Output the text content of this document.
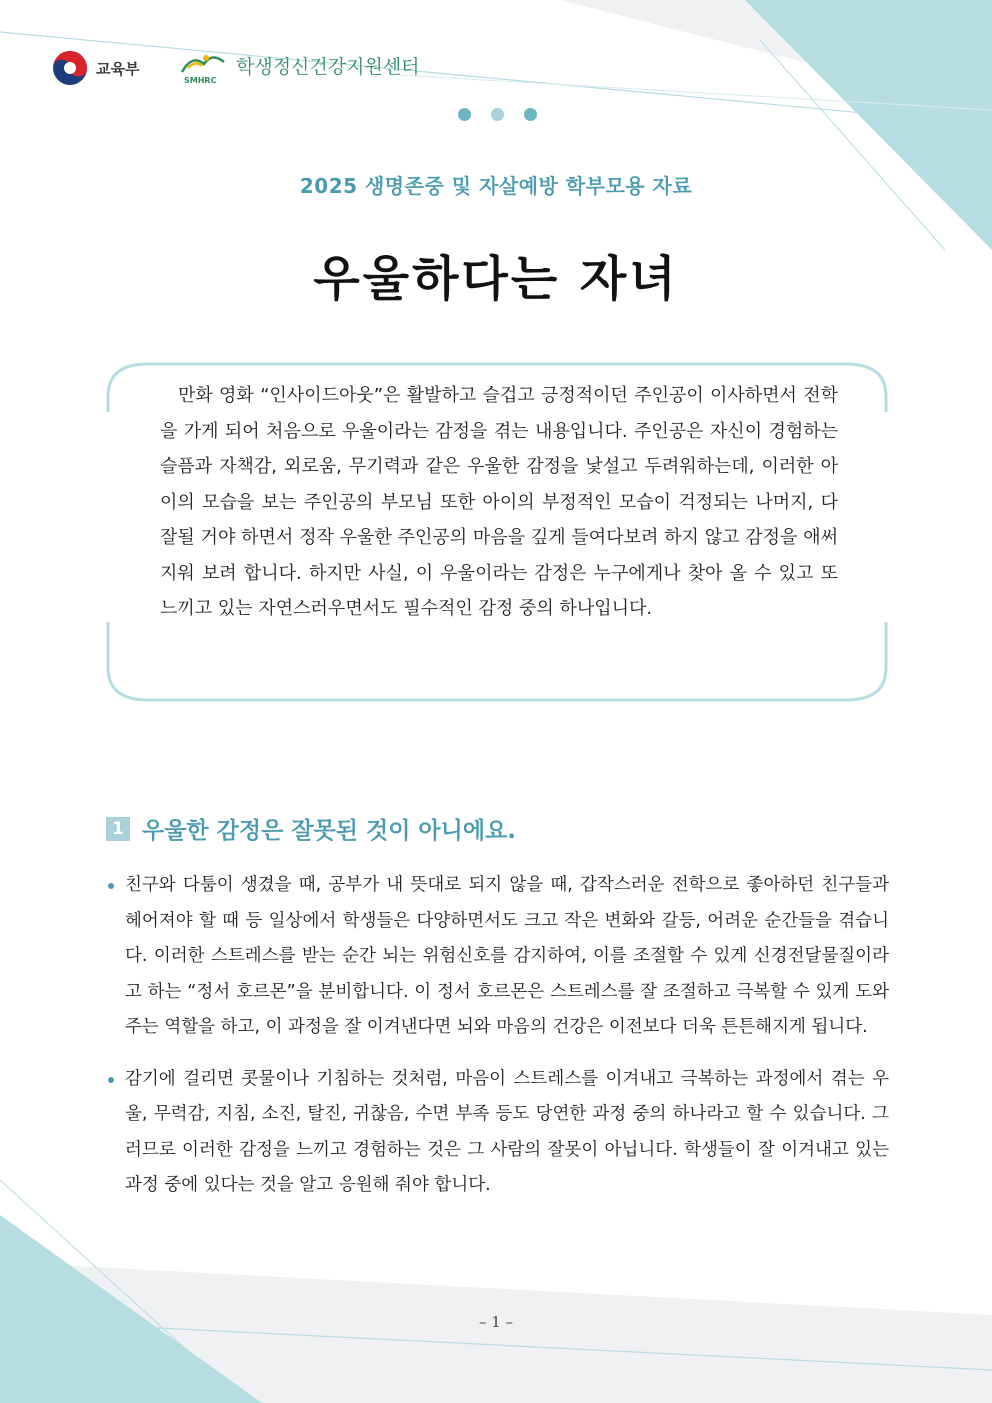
교육부
SMHRC
학생정신건강지원센터
2025 생명존중 및 자살예방 학부모용 자료
우울하다는 자녀

만화 영화 “인사이드아웃”은 활발하고 슬겁고 긍정적이던 주인공이 이사하면서 전학을 가게 되어 처음으로 우울이라는 감정을 겪는 내용입니다. 주인공은 자신이 경험하는 슬픔과 자책감, 외로움, 무기력과 같은 우울한 감정을 낯설고 두려워하는데, 이러한 아이의 모습을 보는 주인공의 부모님 또한 아이의 부정적인 모습이 걱정되는 나머지, 다 잘될 거야 하면서 정작 우울한 주인공의 마음을 깊게 들여다보려 하지 않고 감정을 애써 지워 보려 합니다. 하지만 사실, 이 우울이라는 감정은 누구에게나 찾아 올 수 있고 또 느끼고 있는 자연스러우면서도 필수적인 감정 중의 하나입니다.

1 우울한 감정은 잘못된 것이 아니에요.
친구와 다툼이 생겼을 때, 공부가 내 뜻대로 되지 않을 때, 갑작스러운 전학으로 좋아하던 친구들과 헤어져야 할 때 등 일상에서 학생들은 다양하면서도 크고 작은 변화와 갈등, 어려운 순간들을 겪습니다. 이러한 스트레스를 받는 순간 뇌는 위험신호를 감지하여, 이를 조절할 수 있게 신경전달물질이라고 하는 “정서 호르몬”을 분비합니다. 이 정서 호르몬은 스트레스를 잘 조절하고 극복할 수 있게 도와주는 역할을 하고, 이 과정을 잘 이겨낸다면 뇌와 마음의 건강은 이전보다 더욱 튼튼해지게 됩니다.
감기에 걸리면 콧물이나 기침하는 것처럼, 마음이 스트레스를 이겨내고 극복하는 과정에서 겪는 우울, 무력감, 지침, 소진, 탈진, 귀찮음, 수면 부족 등도 당연한 과정 중의 하나라고 할 수 있습니다. 그러므로 이러한 감정을 느끼고 경험하는 것은 그 사람의 잘못이 아닙니다. 학생들이 잘 이겨내고 있는 과정 중에 있다는 것을 알고 응원해 줘야 합니다.
– 1 –
